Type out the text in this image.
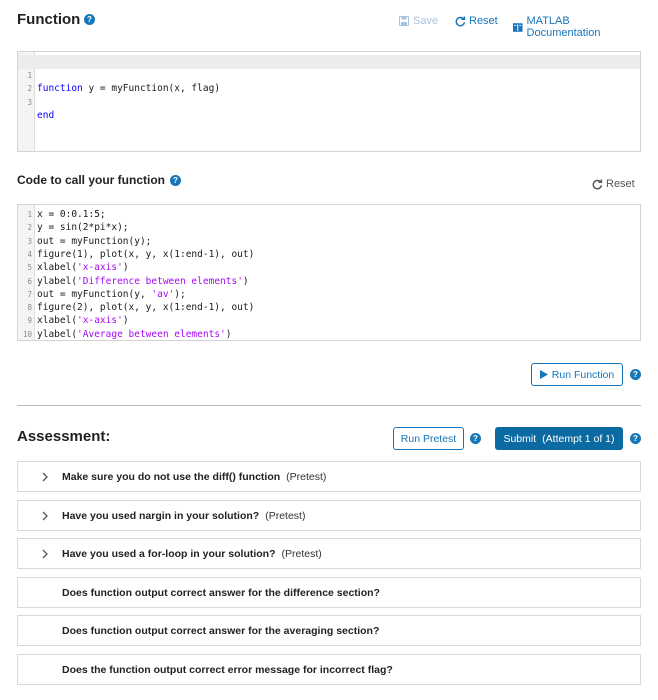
Function ?	Save	Reset	MATLAB Documentation

1

function y = myFunction(x, flag)

2

3

end

Code to call your function	?	Reset
1 x = 0:0.1:5;
2 y = sin(2*pi*x);
3 out = myFunction(y);
4 figure(1), plot(x, y, x(1:end-1), out)
5 xlabel('x-axis')
6 ylabel('Difference between elements')
7 out = myFunction(y, 'av');
8 figure(2), plot(x, y, x(1:end-1), out)
9 xlabel('x-axis')
10 ylabel('Average between elements')
Run Function	?
Assessment:	Run Pretest	? Submit (Attempt 1 of 1)	?
Make sure you do not use the diff() function (Pretest)
Have you used nargin in your solution? (Pretest)
Have you used a for-loop in your solution? (Pretest)
Does function output correct answer for the difference section?
Does function output correct answer for the averaging section?
Does the function output correct error message for incorrect flag?
